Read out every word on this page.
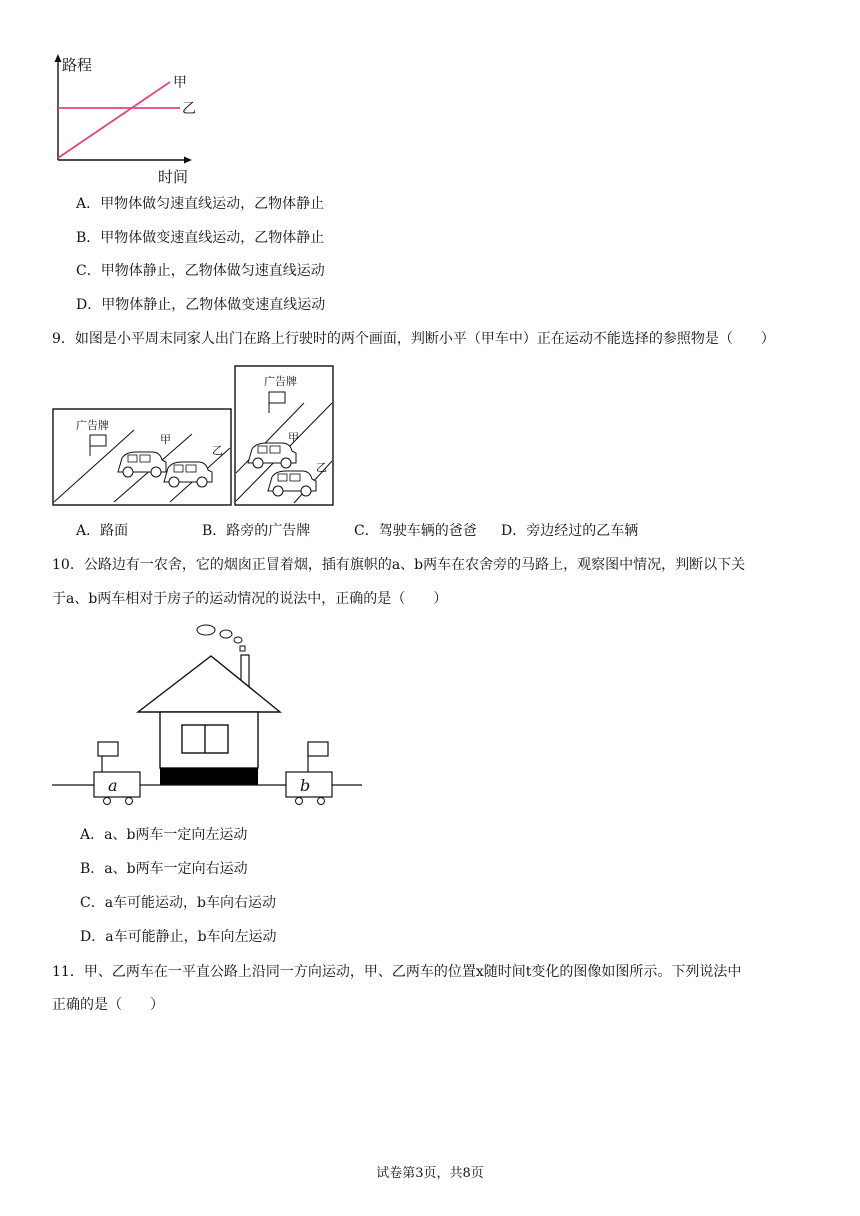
路程
时间
甲
乙
A．甲物体做匀速直线运动，乙物体静止
B．甲物体做变速直线运动，乙物体静止
C．甲物体静止，乙物体做匀速直线运动
D．甲物体静止，乙物体做变速直线运动
9．如图是小平周末同家人出门在路上行驶时的两个画面，判断小平（甲车中）正在运动不能选择的参照物是（　　）
广告牌
甲
乙
广告牌
甲
乙
A．路面	B．路旁的广告牌	C．驾驶车辆的爸爸 D．旁边经过的乙车辆
10．公路边有一农舍，它的烟囱正冒着烟，插有旗帜的a、b两车在农舍旁的马路上，观察图中情况，判断以下关
于a、b两车相对于房子的运动情况的说法中，正确的是（　　）
a	b
A．a、b两车一定向左运动
B．a、b两车一定向右运动
C．a车可能运动，b车向右运动
D．a车可能静止，b车向左运动
11．甲、乙两车在一平直公路上沿同一方向运动，甲、乙两车的位置x随时间t变化的图像如图所示。下列说法中
正确的是（　　）
试卷第3页，共8页
